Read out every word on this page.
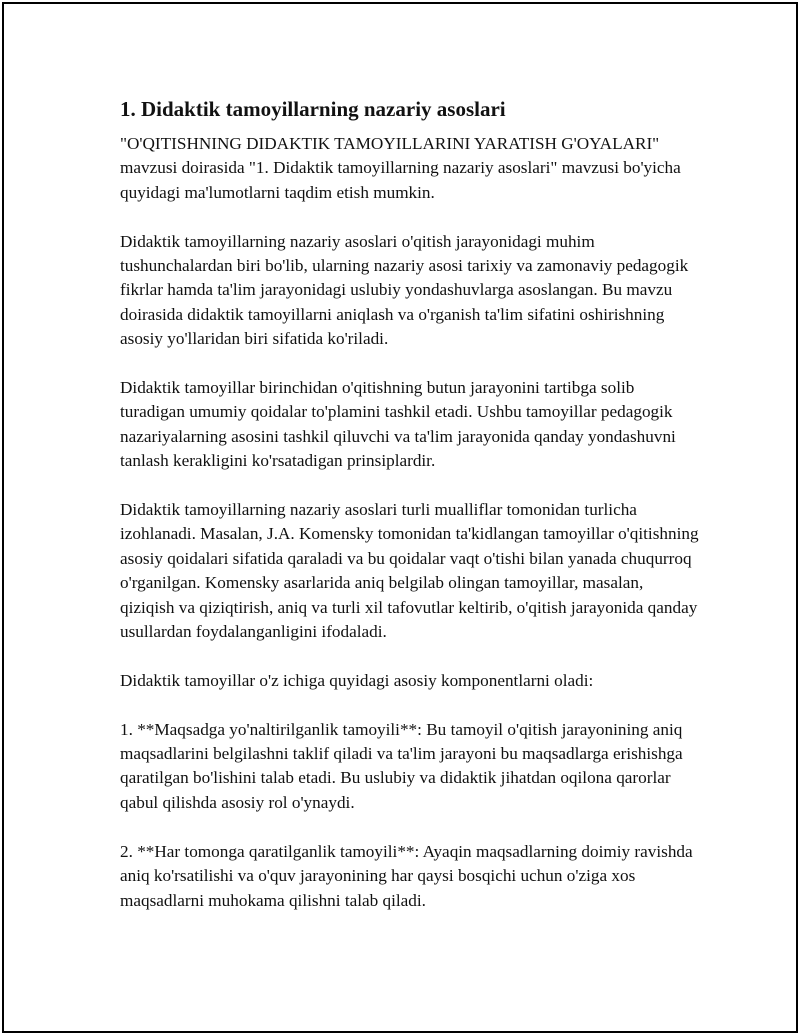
1. Didaktik tamoyillarning nazariy asoslari

"O'QITISHNING DIDAKTIK TAMOYILLARINI YARATISH G'OYALARI" mavzusi doirasida "1. Didaktik tamoyillarning nazariy asoslari" mavzusi bo'yicha quyidagi ma'lumotlarni taqdim etish mumkin.

Didaktik tamoyillarning nazariy asoslari o'qitish jarayonidagi muhim tushunchalardan biri bo'lib, ularning nazariy asosi tarixiy va zamonaviy pedagogik fikrlar hamda ta'lim jarayonidagi uslubiy yondashuvlarga asoslangan. Bu mavzu doirasida didaktik tamoyillarni aniqlash va o'rganish ta'lim sifatini oshirishning asosiy yo'llaridan biri sifatida ko'riladi.

Didaktik tamoyillar birinchidan o'qitishning butun jarayonini tartibga solib turadigan umumiy qoidalar to'plamini tashkil etadi. Ushbu tamoyillar pedagogik nazariyalarning asosini tashkil qiluvchi va ta'lim jarayonida qanday yondashuvni tanlash kerakligini ko'rsatadigan prinsiplardir.

Didaktik tamoyillarning nazariy asoslari turli mualliflar tomonidan turlicha izohlanadi. Masalan, J.A. Komensky tomonidan ta'kidlangan tamoyillar o'qitishning asosiy qoidalari sifatida qaraladi va bu qoidalar vaqt o'tishi bilan yanada chuqurroq o'rganilgan. Komensky asarlarida aniq belgilab olingan tamoyillar, masalan, qiziqish va qiziqtirish, aniq va turli xil tafovutlar keltirib, o'qitish jarayonida qanday usullardan foydalanganligini ifodaladi.

Didaktik tamoyillar o'z ichiga quyidagi asosiy komponentlarni oladi:

1. **Maqsadga yo'naltirilganlik tamoyili**: Bu tamoyil o'qitish jarayonining aniq maqsadlarini belgilashni taklif qiladi va ta'lim jarayoni bu maqsadlarga erishishga qaratilgan bo'lishini talab etadi. Bu uslubiy va didaktik jihatdan oqilona qarorlar qabul qilishda asosiy rol o'ynaydi.

2. **Har tomonga qaratilganlik tamoyili**: Ayaqin maqsadlarning doimiy ravishda aniq ko'rsatilishi va o'quv jarayonining har qaysi bosqichi uchun o'ziga xos maqsadlarni muhokama qilishni talab qiladi.
